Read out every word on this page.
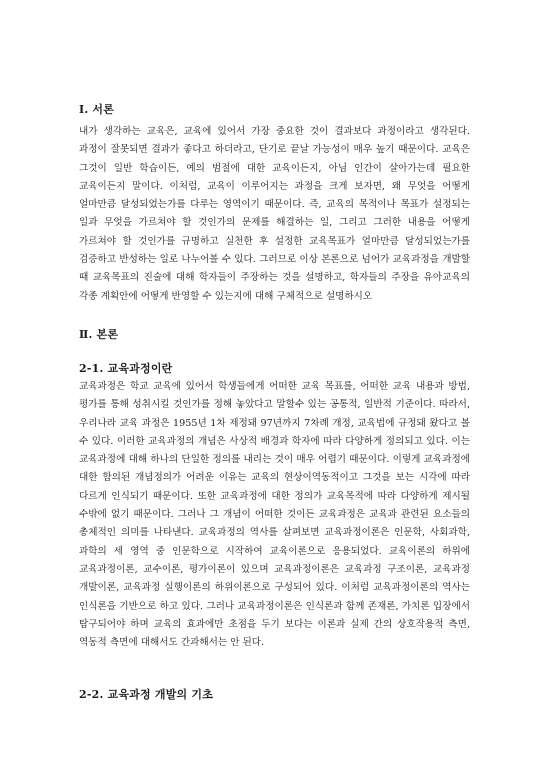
Ⅰ. 서론

내가 생각하는 교육은, 교육에 있어서 가장 중요한 것이 결과보다 과정이라고 생각된다. 과정이 잘못되면 결과가 좋다고 하더라고, 단기로 끝날 가능성이 매우 높기 때문이다. 교육은 그것이 일반 학습이든, 예의 범절에 대한 교육이든지, 아님 인간이 살아가는데 필요한 교육이든지 말이다. 이처럼, 교육이 이루어지는 과정을 크게 보자면, 왜 무엇을 어떻게 얼마만큼 달성되었는가를 다루는 영역이기 때문이다. 즉, 교육의 목적이나 목표가 설정되는 일과 무엇을 가르쳐야 할 것인가의 문제를 해결하는 일, 그리고 그러한 내용을 어떻게 가르쳐야 할 것인가를 규명하고 실천한 후 설정한 교육목표가 얼마만큼 달성되었는가를 검증하고 반성하는 일로 나누어볼 수 있다. 그러므로 이상 본론으로 넘어가 교육과정을 개발할 때 교육목표의 진술에 대해 학자들이 주장하는 것을 설명하고, 학자들의 주장을 유아교육의 각종 계획안에 어떻게 반영할 수 있는지에 대해 구체적으로 설명하시오

Ⅱ. 본론
2-1. 교육과정이란

교육과정은 학교 교육에 있어서 학생들에게 어떠한 교육 목표를, 어떠한 교육 내용과 방법, 평가를 통해 성취시킬 것인가를 정해 놓았다고 말할수 있는 공통적, 일반적 기준이다. 따라서, 우리나라 교육 과정은 1955년 1차 제정돼 97년까지 7차례 개정, 교육법에 규정돼 왔다고 볼 수 있다. 이러한 교육과정의 개념은 사상적 배경과 학자에 따라 다양하게 정의되고 있다. 이는 교육과정에 대해 하나의 단일한 정의를 내리는 것이 매우 어렵기 때문이다. 이렇게 교육과정에 대한 합의된 개념정의가 어려운 이유는 교육의 현상이역동적이고 그것을 보는 시각에 따라 다르게 인식되기 때문이다. 또한 교육과정에 대한 정의가 교육목적에 따라 다양하게 제시될 수밖에 없기 때문이다. 그러나 그 개념이 어떠한 것이든 교육과정은 교육과 관련된 요소들의 총체적인 의미를 나타낸다. 교육과정의 역사를 살펴보면 교육과정이론은 인문학, 사회과학, 과학의 세 영역 중 인문학으로 시작하여 교육이론으로 응용되었다. 교육이론의 하위에 교육과정이론, 교수이론, 평가이론이 있으며 교육과정이론은 교육과정 구조이론, 교육과정 개발이론, 교육과정 실행이론의 하위이론으로 구성되어 있다. 이처럼 교육과정이론의 역사는 인식론을 기반으로 하고 있다. 그러나 교육과정이론은 인식론과 함께 존재론, 가치론 입장에서 탐구되어야 하며 교육의 효과에만 초점을 두기 보다는 이론과 실제 간의 상호작용적 측면, 역동적 측면에 대해서도 간과해서는 안 된다.

2-2. 교육과정 개발의 기초
